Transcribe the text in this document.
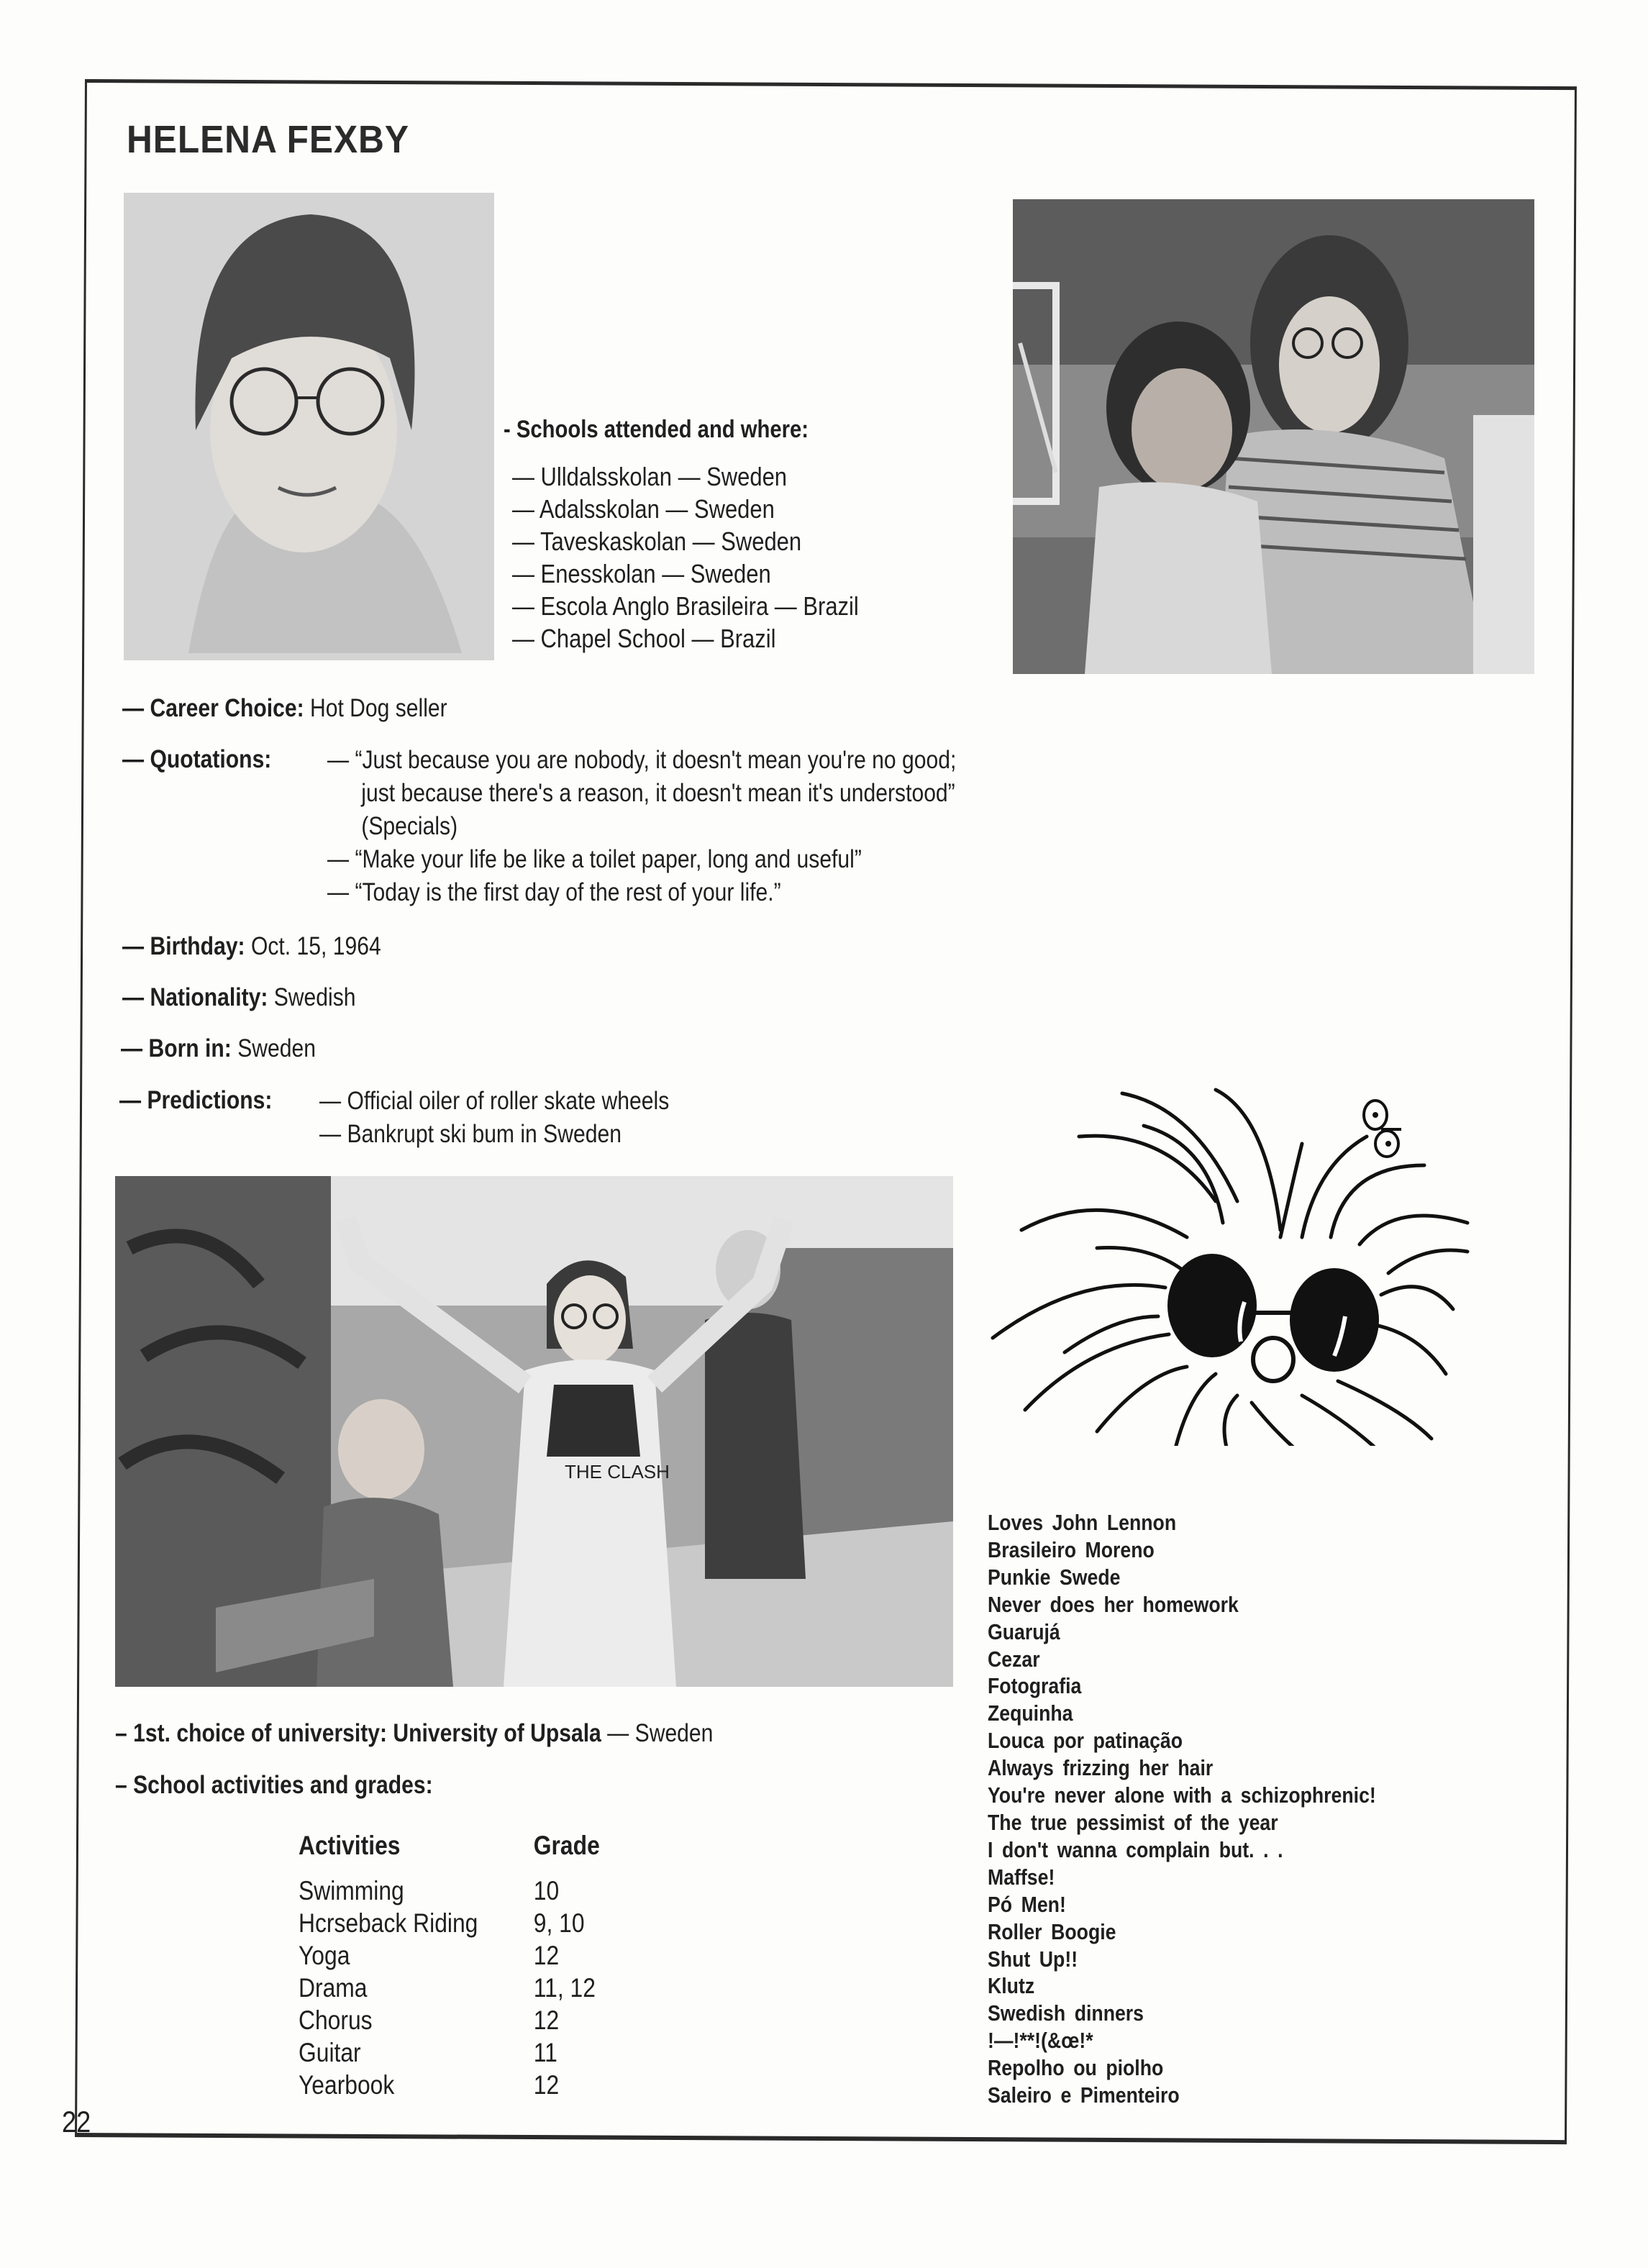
HELENA FEXBY
- Schools attended and where:
— Ulldalsskolan — Sweden
— Adalsskolan — Sweden
— Taveskaskolan — Sweden
— Enesskolan — Sweden
— Escola Anglo Brasileira — Brazil
— Chapel School — Brazil
— Career Choice: Hot Dog seller
— Quotations: — “Just because you are nobody, it doesn't mean you're no good;
just because there's a reason, it doesn't mean it's understood”
(Specials)
— “Make your life be like a toilet paper, long and useful”
— “Today is the first day of the rest of your life.”
— Birthday: Oct. 15, 1964
— Nationality: Swedish
— Born in: Sweden
— Predictions: — Official oiler of roller skate wheels
— Bankrupt ski bum in Sweden
THE CLASH
– 1st. choice of university: University of Upsala — Sweden
– School activities and grades:
Activities	Grade
Swimming	10
Hcrseback Riding	9, 10
Yoga	12
Drama	11, 12
Chorus	12
Guitar	11
Yearbook	12
Loves John Lennon
Brasileiro Moreno
Punkie Swede
Never does her homework
Guarujá
Cezar
Fotografia
Zequinha
Louca por patinação
Always frizzing her hair
You're never alone with a schizophrenic!
The true pessimist of the year
I don't wanna complain but. . .
Maffse!
Pó Men!
Roller Boogie
Shut Up!!
Klutz
Swedish dinners
!—!**!(&œ!*
Repolho ou piolho
Saleiro e Pimenteiro
22
